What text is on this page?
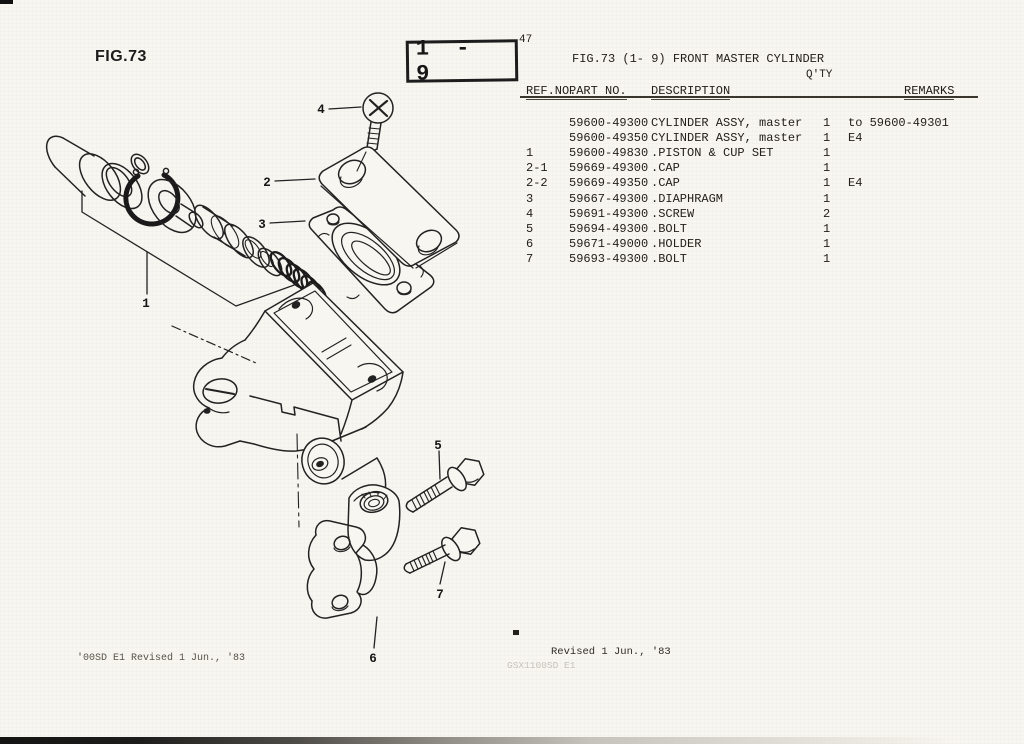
1
2
3
4
5
6
7
FIG.73	1 - 9
47
FIG.73 (1- 9) FRONT MASTER CYLINDER
Q'TY
REF.NO.
PART NO.	DESCRIPTION	REMARKS
59600-49300 CYLINDER ASSY, master	1	to 59600-49301
59600-49350 CYLINDER ASSY, master	1	E4
1	59600-49830 .PISTON & CUP SET	1
2-1	59669-49300 .CAP	1
2-2	59669-49350 .CAP	1	E4
3	59667-49300 .DIAPHRAGM	1
4	59691-49300 .SCREW	2
5	59694-49300 .BOLT	1
6	59671-49000 .HOLDER	1
7	59693-49300 .BOLT	1
'00SD E1 Revised 1 Jun., '83
Revised 1 Jun., '83
GSX1100SD E1
